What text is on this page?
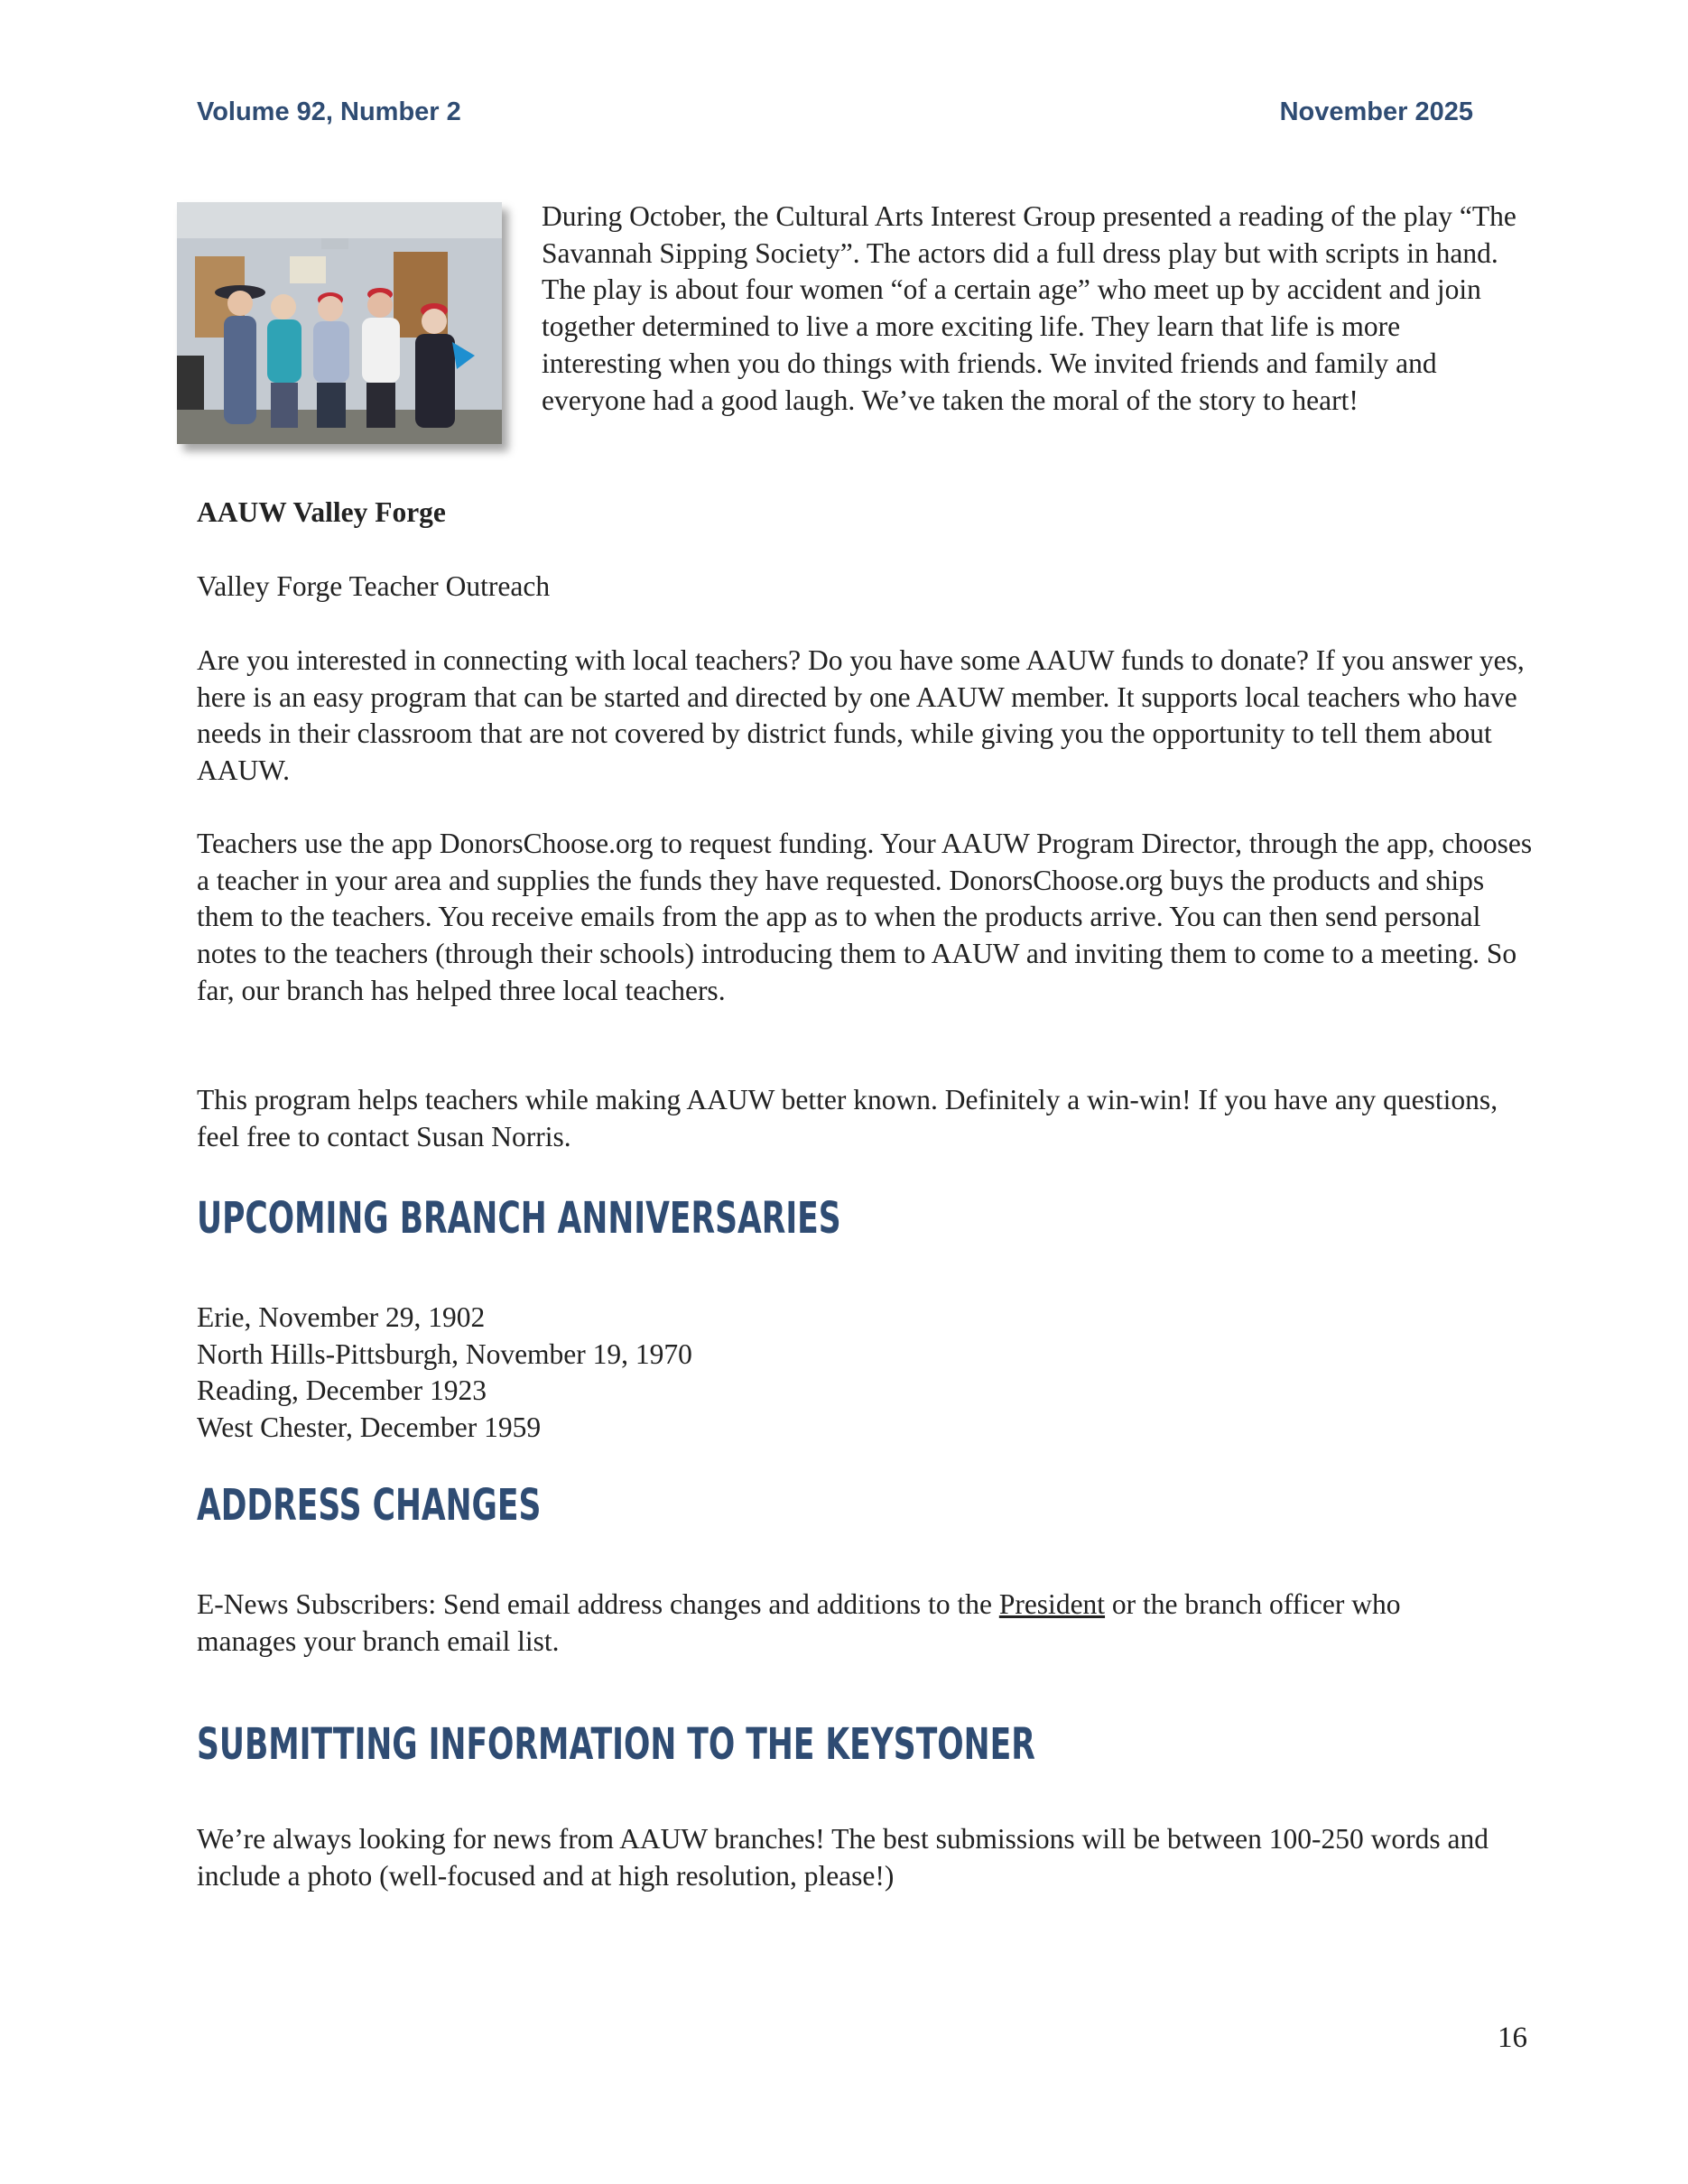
Volume 92, Number 2	November 2025

During October, the Cultural Arts Interest Group presented a reading of the play “The Savannah Sipping Society”. The actors did a full dress play but with scripts in hand. The play is about four women “of a certain age” who meet up by accident and join together determined to live a more exciting life. They learn that life is more interesting when you do things with friends. We invited friends and family and everyone had a good laugh. We’ve taken the moral of the story to heart!

AAUW Valley Forge

Valley Forge Teacher Outreach

Are you interested in connecting with local teachers? Do you have some AAUW funds to donate? If you answer yes, here is an easy program that can be started and directed by one AAUW member. It supports local teachers who have needs in their classroom that are not covered by district funds, while giving you the opportunity to tell them about AAUW.

Teachers use the app DonorsChoose.org to request funding. Your AAUW Program Director, through the app, chooses a teacher in your area and supplies the funds they have requested. DonorsChoose.org buys the products and ships them to the teachers. You receive emails from the app as to when the products arrive. You can then send personal notes to the teachers (through their schools) introducing them to AAUW and inviting them to come to a meeting. So far, our branch has helped three local teachers.

This program helps teachers while making AAUW better known. Definitely a win-win! If you have any questions, feel free to contact Susan Norris.

UPCOMING BRANCH ANNIVERSARIES

Erie, November 29, 1902

North Hills-Pittsburgh, November 19, 1970

Reading, December 1923

West Chester, December 1959

ADDRESS CHANGES

E-News Subscribers: Send email address changes and additions to the President or the branch officer who manages your branch email list.

SUBMITTING INFORMATION TO THE KEYSTONER

We’re always looking for news from AAUW branches! The best submissions will be between 100-250 words and include a photo (well-focused and at high resolution, please!)

16
